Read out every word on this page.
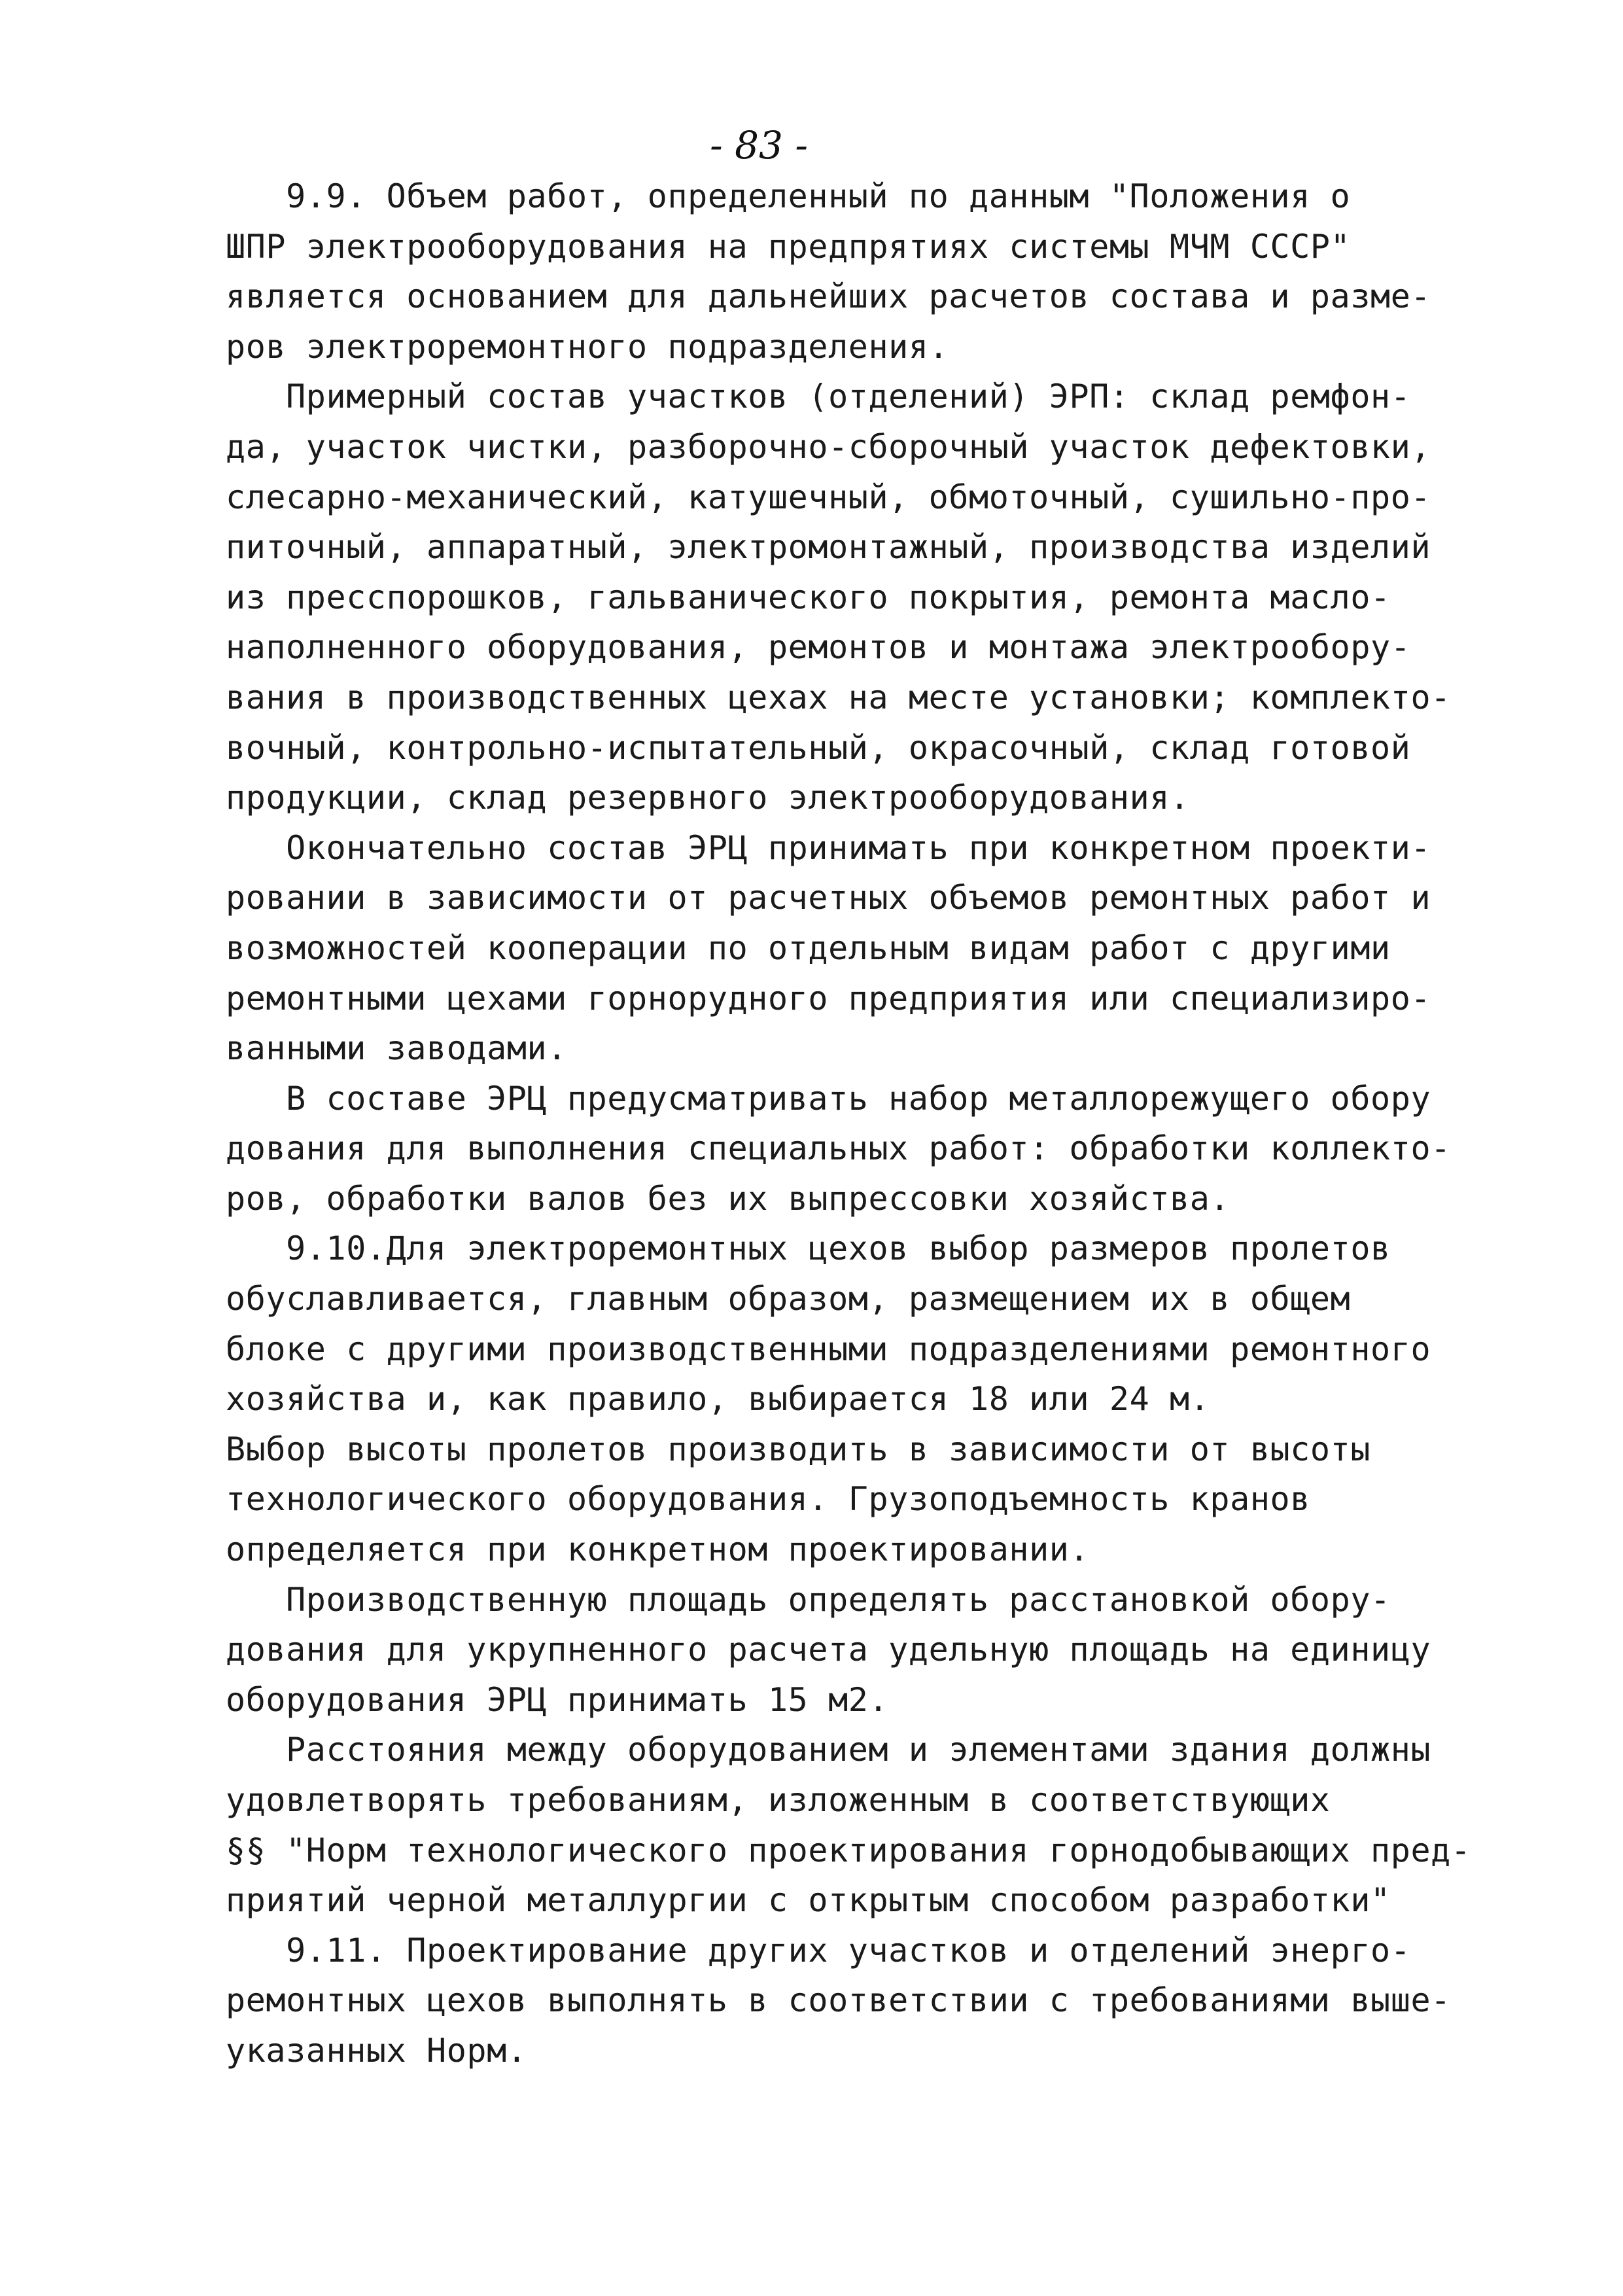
- 83 -
9.9. Объем работ, определенный по данным "Положения о
ШПР электрооборудования на предпрятиях системы МЧМ СССР"
является основанием для дальнейших расчетов состава и разме-
ров электроремонтного подразделения.
Примерный состав участков (отделений) ЭРП: склад ремфон-
да, участок чистки, разборочно-сборочный участок дефектовки,
слесарно-механический, катушечный, обмоточный, сушильно-про-
питочный, аппаратный, электромонтажный, производства изделий
из пресспорошков, гальванического покрытия, ремонта масло-
наполненного оборудования, ремонтов и монтажа электрообору-
вания в производственных цехах на месте установки; комплекто-
вочный, контрольно-испытательный, окрасочный, склад готовой
продукции, склад резервного электрооборудования.
Окончательно состав ЭРЦ принимать при конкретном проекти-
ровании в зависимости от расчетных объемов ремонтных работ и
возможностей кооперации по отдельным видам работ с другими
ремонтными цехами горнорудного предприятия или специализиро-
ванными заводами.
В составе ЭРЦ предусматривать набор металлорежущего обору
дования для выполнения специальных работ: обработки коллекто-
ров, обработки валов без их выпрессовки хозяйства.
9.10.Для электроремонтных цехов выбор размеров пролетов
обуславливается, главным образом, размещением их в общем
блоке с другими производственными подразделениями ремонтного
хозяйства и, как правило, выбирается 18 или 24 м.
Выбор высоты пролетов производить в зависимости от высоты
технологического оборудования. Грузоподъемность кранов
определяется при конкретном проектировании.
Производственную площадь определять расстановкой обору-
дования для укрупненного расчета удельную площадь на единицу
оборудования ЭРЦ принимать 15 м2.
Расстояния между оборудованием и элементами здания должны
удовлетворять требованиям, изложенным в соответствующих
§§ "Норм технологического проектирования горнодобывающих пред-
приятий черной металлургии с открытым способом разработки"
9.11. Проектирование других участков и отделений энерго-
ремонтных цехов выполнять в соответствии с требованиями выше-
указанных Норм.
